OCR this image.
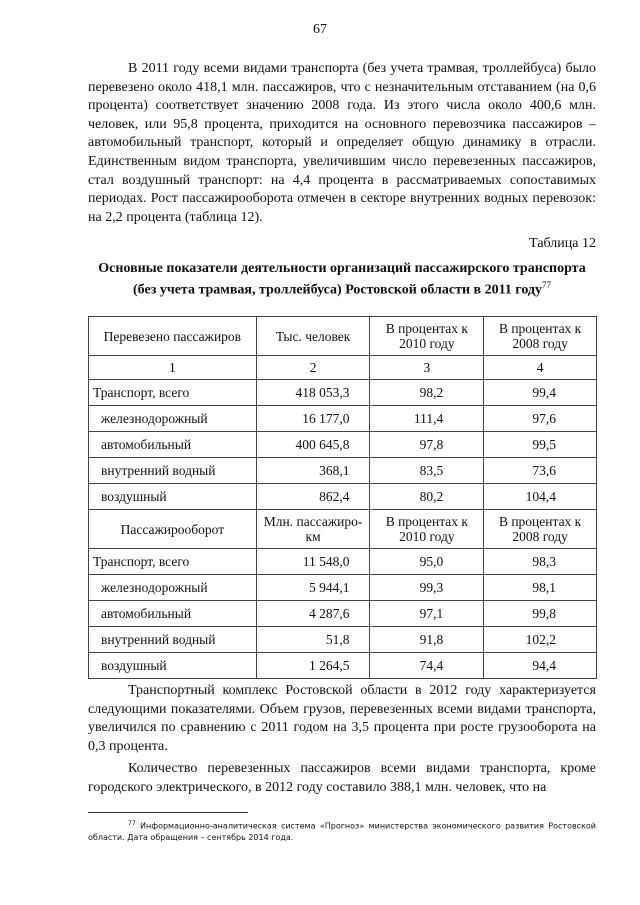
67

В 2011 году всеми видами транспорта (без учета трамвая, троллейбуса) было перевезено около 418,1 млн. пассажиров, что с незначительным отставанием (на 0,6 процента) соответствует значению 2008 года. Из этого числа около 400,6 млн. человек, или 95,8 процента, приходится на основного перевозчика пассажиров – автомобильный транспорт, который и определяет общую динамику в отрасли. Единственным видом транспорта, увеличившим число перевезенных пассажиров, стал воздушный транспорт: на 4,4 процента в рассматриваемых сопоставимых периодах. Рост пассажирооборота отмечен в секторе внутренних водных перевозок: на 2,2 процента (таблица 12).

Таблица 12
Основные показатели деятельности организаций пассажирского транспорта (без учета трамвая, троллейбуса) Ростовской области в 2011 году$^{77}$
Перевезено пассажиров	Тыс. человек	В процентах к 2010 году	В процентах к 2008 году
1	2	3	4
Транспорт, всего	418 053,3	98,2	99,4
железнодорожный	16 177,0	111,4	97,6
автомобильный	400 645,8	97,8	99,5
внутренний водный	368,1	83,5	73,6
воздушный	862,4	80,2	104,4
Пассажирооборот	Млн. пассажиро-км	В процентах к 2010 году	В процентах к 2008 году
Транспорт, всего	11 548,0	95,0	98,3
железнодорожный	5 944,1	99,3	98,1
автомобильный	4 287,6	97,1	99,8
внутренний водный	51,8	91,8	102,2
воздушный	1 264,5	74,4	94,4

Транспортный комплекс Ростовской области в 2012 году характеризуется следующими показателями. Объем грузов, перевезенных всеми видами транспорта, увеличился по сравнению с 2011 годом на 3,5 процента при росте грузооборота на 0,3 процента.

Количество перевезенных пассажиров всеми видами транспорта, кроме городского электрического, в 2012 году составило 388,1 млн. человек, что на

$^{77}$ Информационно-аналитическая система «Прогноз» министерства экономического развития Ростовской области. Дата обращения – сентябрь 2014 года.
